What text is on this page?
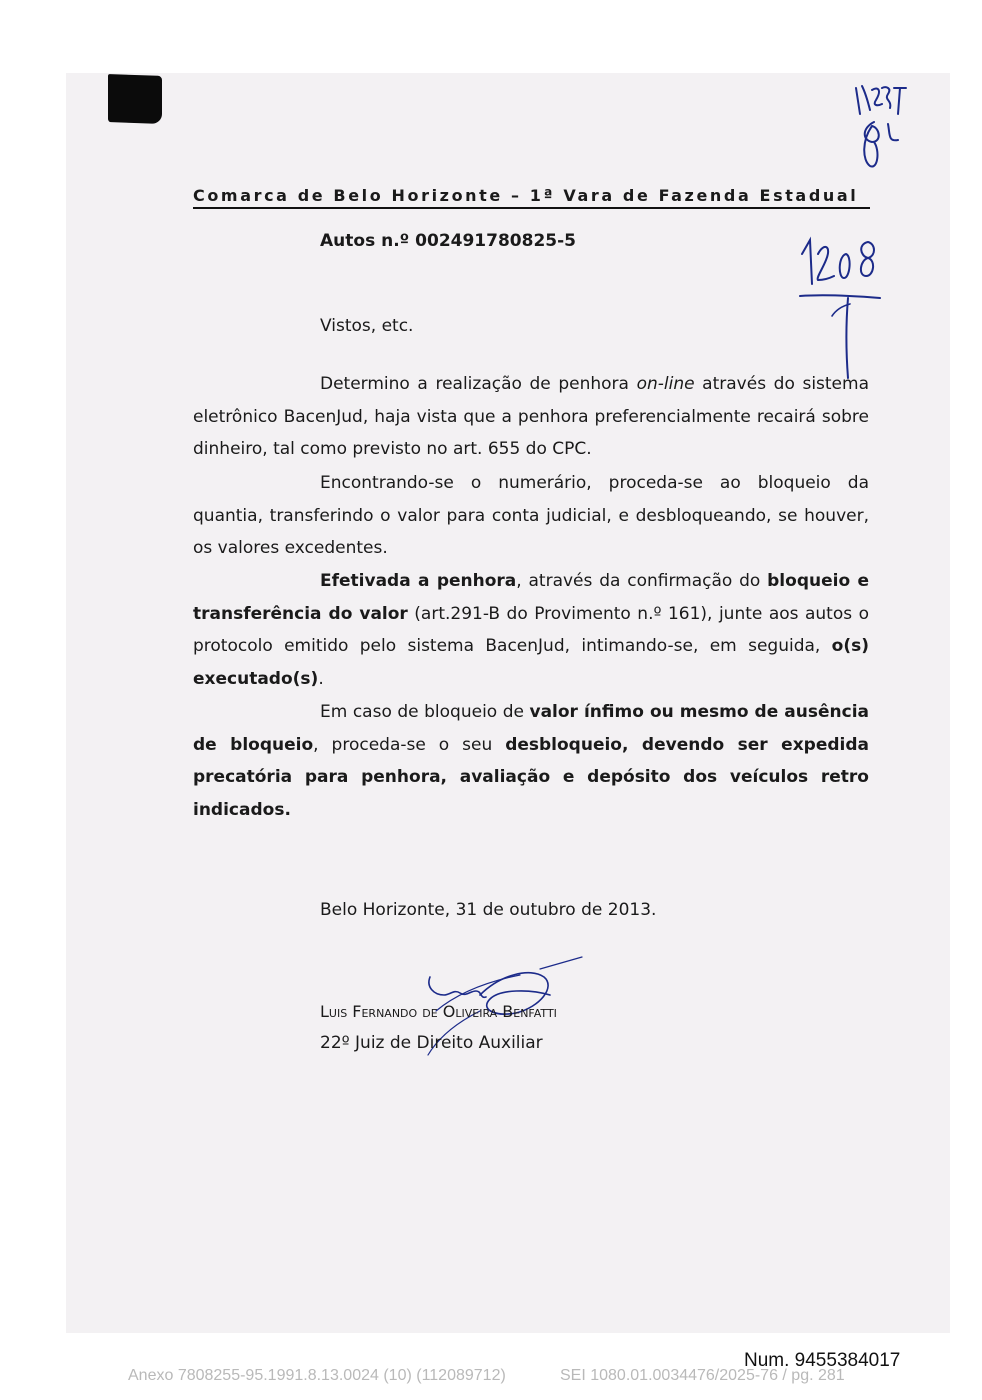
Comarca de Belo Horizonte – 1ª Vara de Fazenda Estadual
Autos n.º 002491780825-5
Vistos, etc.
Determino a realização de penhora on-line através do sistema eletrônico BacenJud, haja vista que a penhora preferencialmente recairá sobre dinheiro, tal como previsto no art. 655 do CPC.
Encontrando-se o numerário, proceda-se ao bloqueio da quantia, transferindo o valor para conta judicial, e desbloqueando, se houver, os valores excedentes.
Efetivada a penhora, através da confirmação do bloqueio e transferência do valor (art.291-B do Provimento n.º 161), junte aos autos o protocolo emitido pelo sistema BacenJud, intimando-se, em seguida, o(s) executado(s).
Em caso de bloqueio de valor ínfimo ou mesmo de ausência de bloqueio, proceda-se o seu desbloqueio, devendo ser expedida precatória para penhora, avaliação e depósito dos veículos retro indicados.
Belo Horizonte, 31 de outubro de 2013.
Luis Fernando de Oliveira Benfatti
22º Juiz de Direito Auxiliar
Num. 9455384017
Anexo 7808255-95.1991.8.13.0024 (10) (112089712)	SEI 1080.01.0034476/2025-76 / pg. 281
